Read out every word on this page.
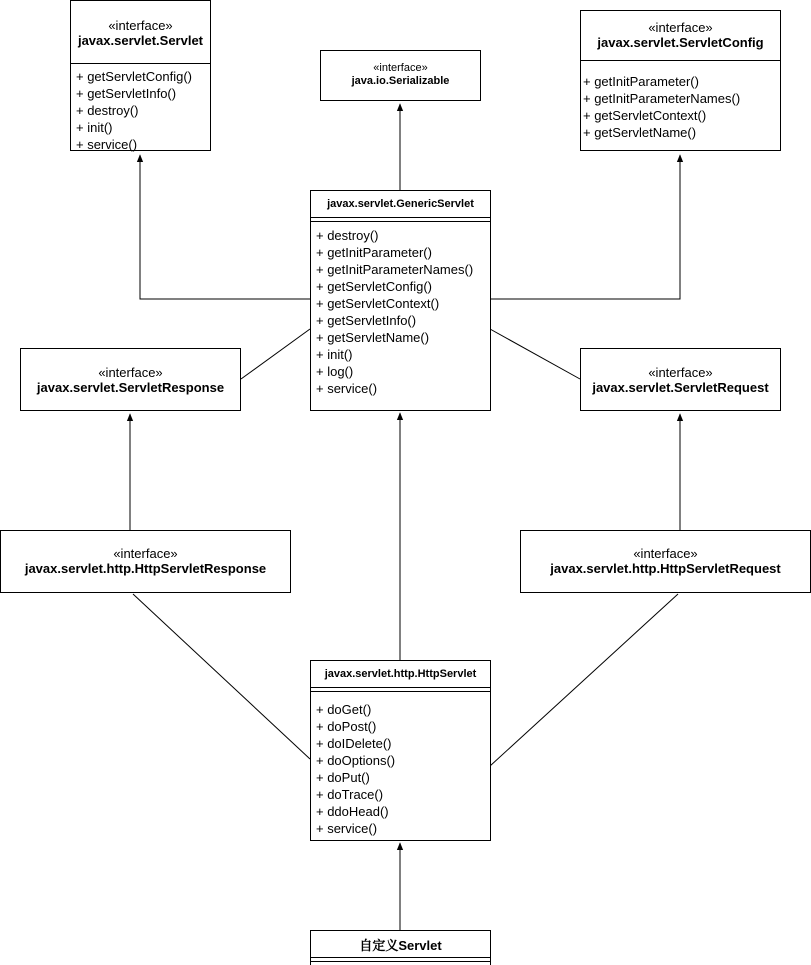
«interface»
javax.servlet.Servlet
+ getServletConfig()
+ getServletInfo()
+ destroy()
+ init()
+ service()
«interface»
java.io.Serializable
«interface»
javax.servlet.ServletConfig
+ getInitParameter()
+ getInitParameterNames()
+ getServletContext()
+ getServletName()
javax.servlet.GenericServlet
+ destroy()
+ getInitParameter()
+ getInitParameterNames()
+ getServletConfig()
+ getServletContext()
+ getServletInfo()
+ getServletName()
+ init()
+ log()
+ service()
«interface»
javax.servlet.ServletResponse
«interface»
javax.servlet.ServletRequest
«interface»
javax.servlet.http.HttpServletResponse
«interface»
javax.servlet.http.HttpServletRequest
javax.servlet.http.HttpServlet
+ doGet()
+ doPost()
+ doIDelete()
+ doOptions()
+ doPut()
+ doTrace()
+ ddoHead()
+ service()
自定义Servlet
